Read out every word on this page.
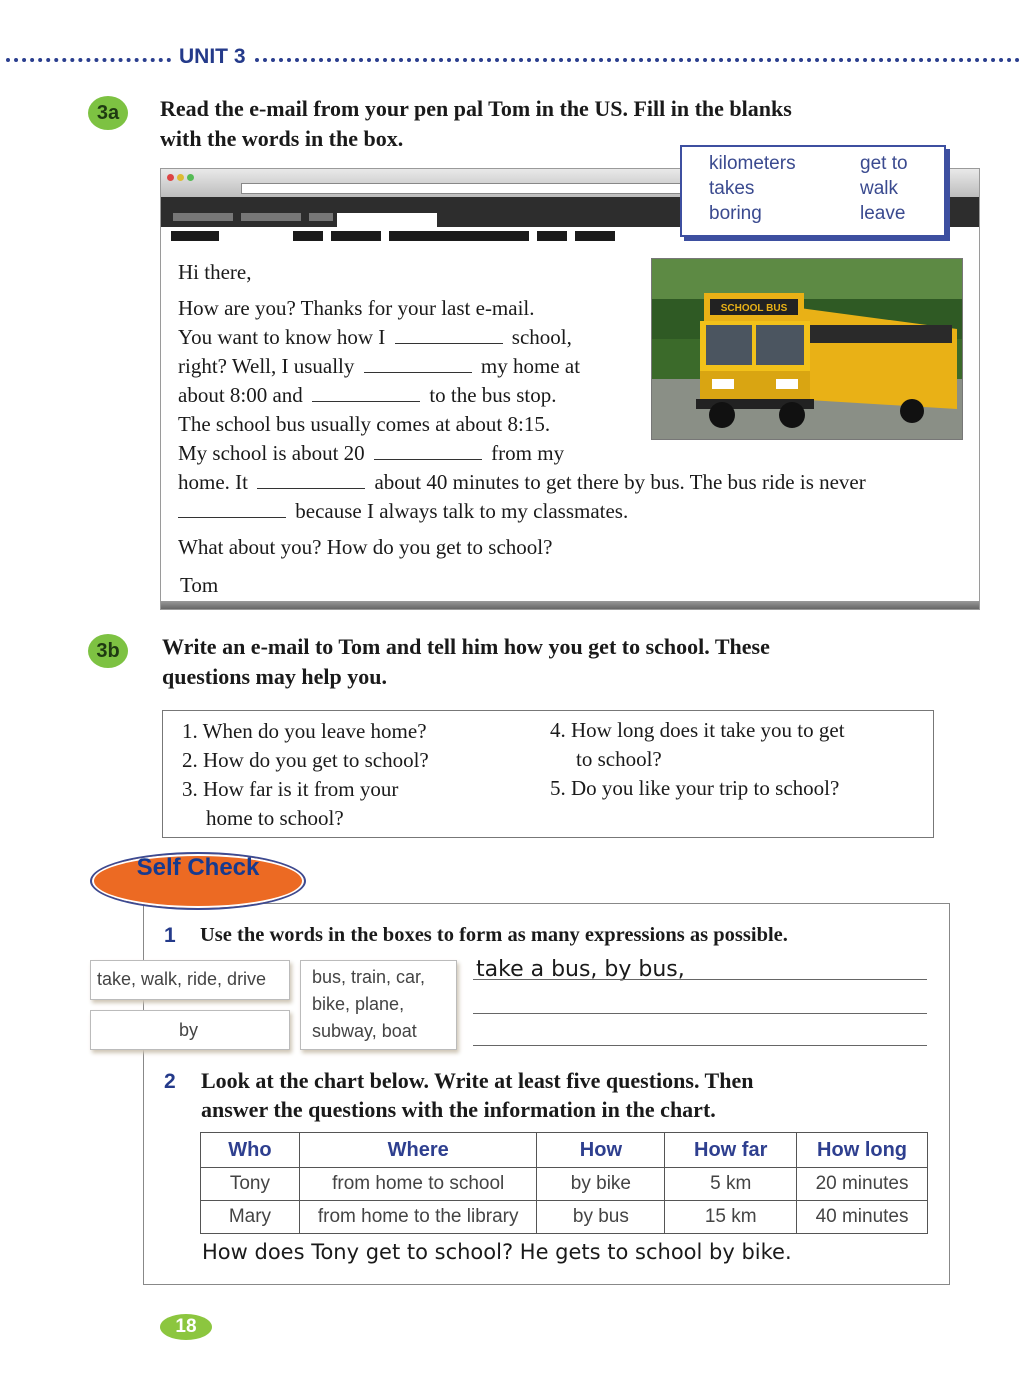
UNIT 3
3a	Read the e-mail from your pen pal Tom in the US. Fill in the blanks
with the words in the box.
kilometers
takes
boring
get to
walk
leave
Hi there,
How are you? Thanks for your last e-mail.
You want to know how I	school,
right? Well, I usually	my home at
about 8:00 and	to the bus stop.
The school bus usually comes at about 8:15.
My school is about 20	from my
home. It	about 40 minutes to get there by bus. The bus ride is never
because I always talk to my classmates.
What about you? How do you get to school?
Tom
SCHOOL BUS
3b	Write an e-mail to Tom and tell him how you get to school. These
questions may help you.
1. When do you leave home?
2. How do you get to school?
3. How far is it from your
home to school?
4. How long does it take you to get
to school?
5. Do you like your trip to school?
Self Check
1 Use the words in the boxes to form as many expressions as possible.
take, walk, ride, drive
by
bus, train, car,
bike, plane,
subway, boat
take a bus, by bus,
2 Look at the chart below. Write at least five questions. Then
answer the questions with the information in the chart.
Who	Where	How	How far	How long
Tony	from home to school	by bike	5 km	20 minutes
Mary	from home to the library	by bus	15 km	40 minutes
How does Tony get to school? He gets to school by bike.
18
